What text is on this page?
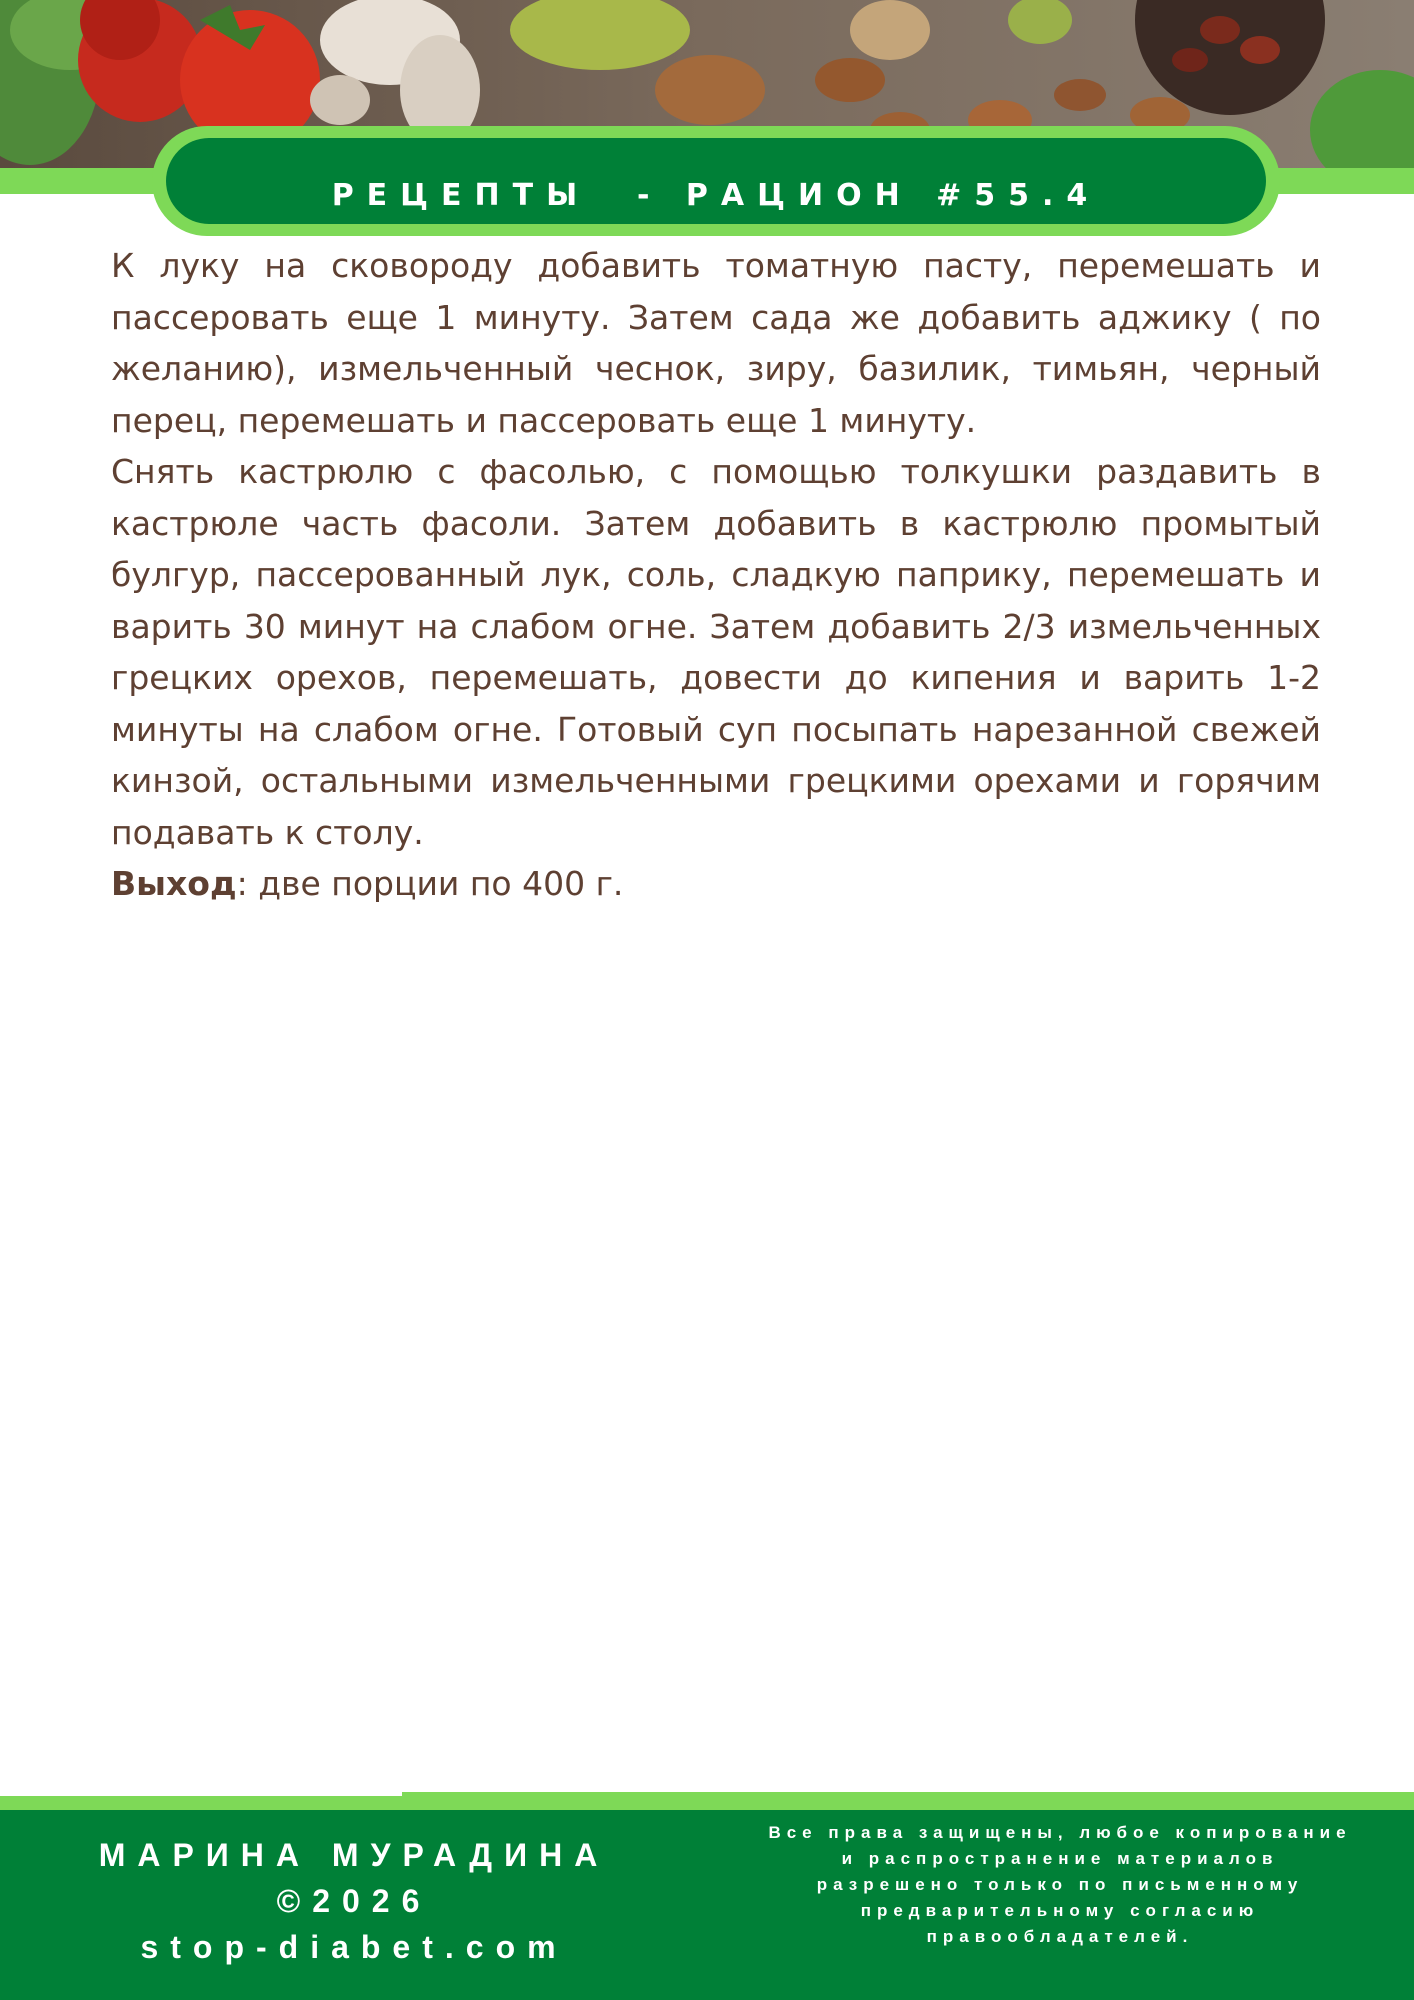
РЕЦЕПТЫ  - РАЦИОН #55.4

К луку на сковороду добавить томатную пасту, перемешать и пассеровать еще 1 минуту. Затем сада же добавить аджику ( по желанию), измельченный чеснок, зиру, базилик, тимьян, черный перец, перемешать и пассеровать еще 1 минуту.

Снять кастрюлю с фасолью, с помощью толкушки раздавить в кастрюле часть фасоли. Затем добавить в кастрюлю промытый булгур, пассерованный лук, соль, сладкую паприку, перемешать и варить 30 минут на слабом огне. Затем добавить 2/3 измельченных грецких орехов, перемешать, довести до кипения и варить 1-2 минуты на слабом огне. Готовый суп посыпать нарезанной свежей кинзой, остальными измельченными грецкими орехами и горячим подавать к столу.

Выход: две порции по 400 г.

МАРИНА МУРАДИНА
©2026
stop-diabet.com
Все права защищены, любое копирование
и распространение материалов
разрешено только по письменному
предварительному согласию
правообладателей.
